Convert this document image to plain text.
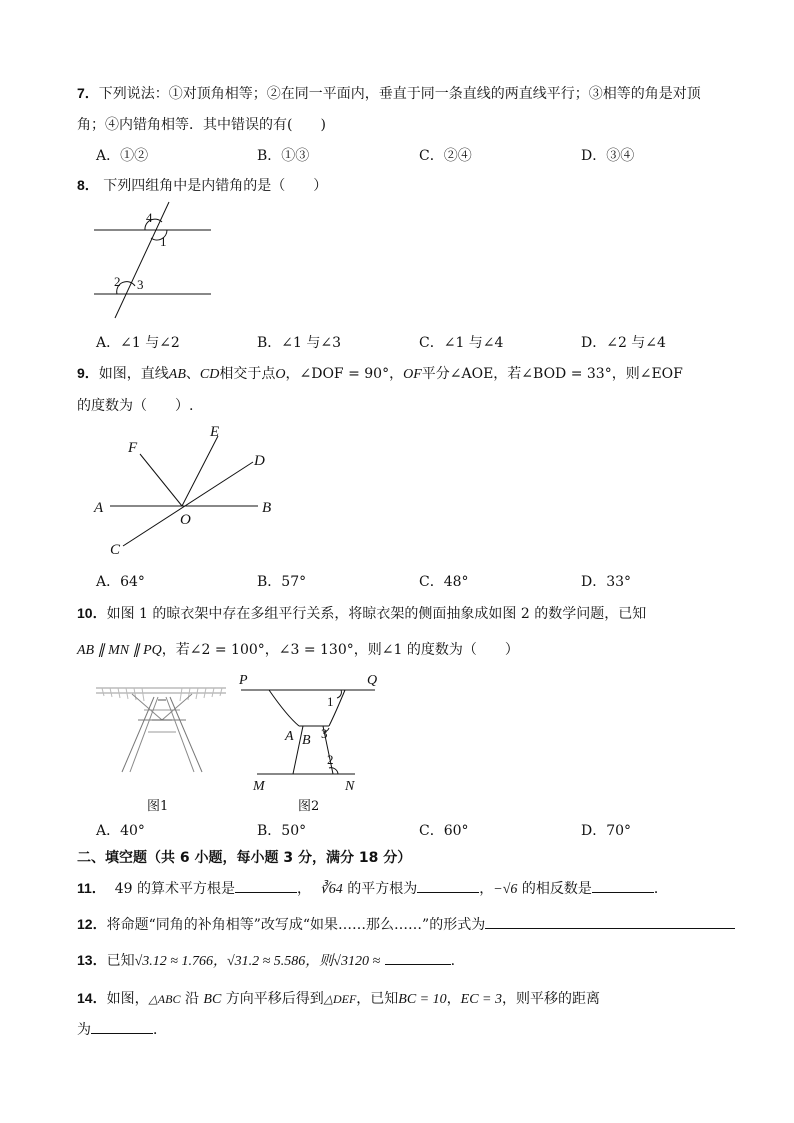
7．下列说法：①对顶角相等；②在同一平面内，垂直于同一条直线的两直线平行；③相等的角是对顶
角；④内错角相等．其中错误的有(　　)
A．①②	B．①③	C．②④	D．③④
8． 下列四组角中是内错角的是（　　）
4
1
2 3
A．∠1 与∠2	B．∠1 与∠3	C．∠1 与∠4	D．∠2 与∠4
9．如图，直线AB、CD相交于点O，∠DOF = 90°，OF平分∠AOE，若∠BOD = 33°，则∠EOF
的度数为（　　）.
F
E
D
A
O
B
C
A．64°	B．57°	C．48°	D．33°
10．如图 1 的晾衣架中存在多组平行关系，将晾衣架的侧面抽象成如图 2 的数学问题，已知
AB ∥ MN ∥ PQ，若∠2 = 100°，∠3 = 130°，则∠1 的度数为（　　）
图1
P	Q
1
A B 3
2
M	N
图2
A．40°	B．50°	C．60°	D．70°
二、填空题（共 6 小题，每小题 3 分，满分 18 分）
11． 49 的算术平方根是	， ∛64 的平方根为	，−√6 的相反数是	．
12．将命题“同角的补角相等”改写成“如果……那么……”的形式为
13．已知√3.12 ≈ 1.766，√31.2 ≈ 5.586，则√3120 ≈	.
14．如图，△ABC 沿 BC 方向平移后得到△DEF，已知BC = 10，EC = 3，则平移的距离
为	．
